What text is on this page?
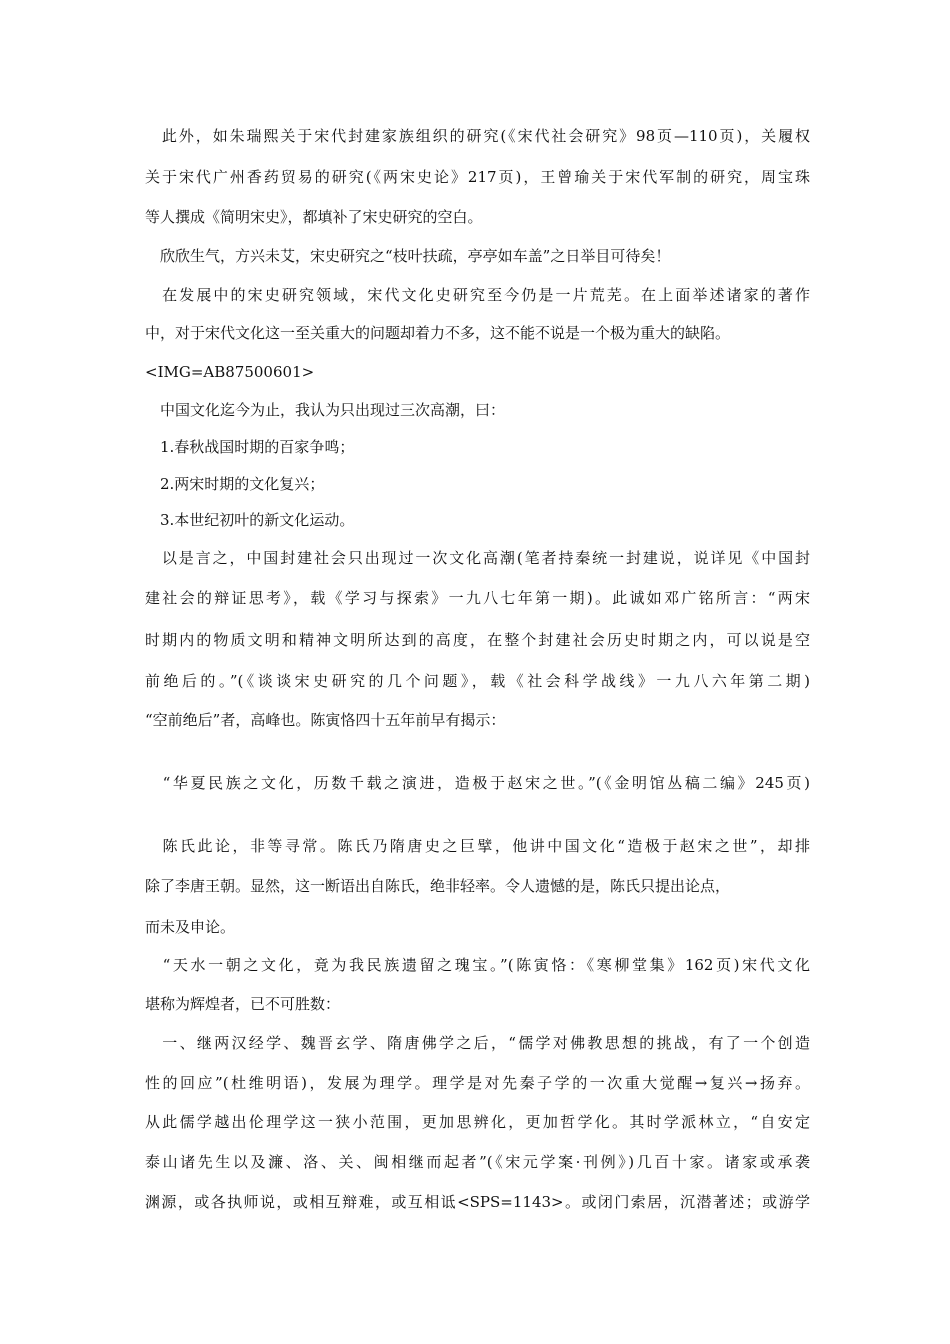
　此外，如朱瑞熙关于宋代封建家族组织的研究(《宋代社会研究》98页—110页)，关履权
关于宋代广州香药贸易的研究(《两宋史论》217页)，王曾瑜关于宋代军制的研究，周宝珠
等人撰成《简明宋史》，都填补了宋史研究的空白。
　欣欣生气，方兴未艾，宋史研究之“枝叶扶疏，亭亭如车盖”之日举目可待矣！
　在发展中的宋史研究领域，宋代文化史研究至今仍是一片荒芜。在上面举述诸家的著作
中，对于宋代文化这一至关重大的问题却着力不多，这不能不说是一个极为重大的缺陷。
<IMG=AB87500601>
　中国文化迄今为止，我认为只出现过三次高潮，曰：
　1.春秋战国时期的百家争鸣；
　2.两宋时期的文化复兴；
　3.本世纪初叶的新文化运动。
　以是言之，中国封建社会只出现过一次文化高潮(笔者持秦统一封建说，说详见《中国封
建社会的辩证思考》，载《学习与探索》一九八七年第一期)。此诚如邓广铭所言：“两宋
时期内的物质文明和精神文明所达到的高度，在整个封建社会历史时期之内，可以说是空
前绝后的。”(《谈谈宋史研究的几个问题》，载《社会科学战线》一九八六年第二期)
“空前绝后”者，高峰也。陈寅恪四十五年前早有揭示：
　“华夏民族之文化，历数千载之演进，造极于赵宋之世。”(《金明馆丛稿二编》245页)
　陈氏此论，非等寻常。陈氏乃隋唐史之巨擘，他讲中国文化“造极于赵宋之世”，却排
除了李唐王朝。显然，这一断语出自陈氏，绝非轻率。令人遗憾的是，陈氏只提出论点，
而未及申论。
　“天水一朝之文化，竟为我民族遗留之瑰宝。”(陈寅恪：《寒柳堂集》162页)宋代文化
堪称为辉煌者，已不可胜数：
　一、继两汉经学、魏晋玄学、隋唐佛学之后，“儒学对佛教思想的挑战，有了一个创造
性的回应”(杜维明语)，发展为理学。理学是对先秦子学的一次重大觉醒→复兴→扬弃。
从此儒学越出伦理学这一狭小范围，更加思辨化，更加哲学化。其时学派林立，“自安定
泰山诸先生以及濂、洛、关、闽相继而起者”(《宋元学案·刊例》)几百十家。诸家或承袭
渊源，或各执师说，或相互辩难，或互相诋<SPS=1143>。或闭门索居，沉潜著述；或游学
